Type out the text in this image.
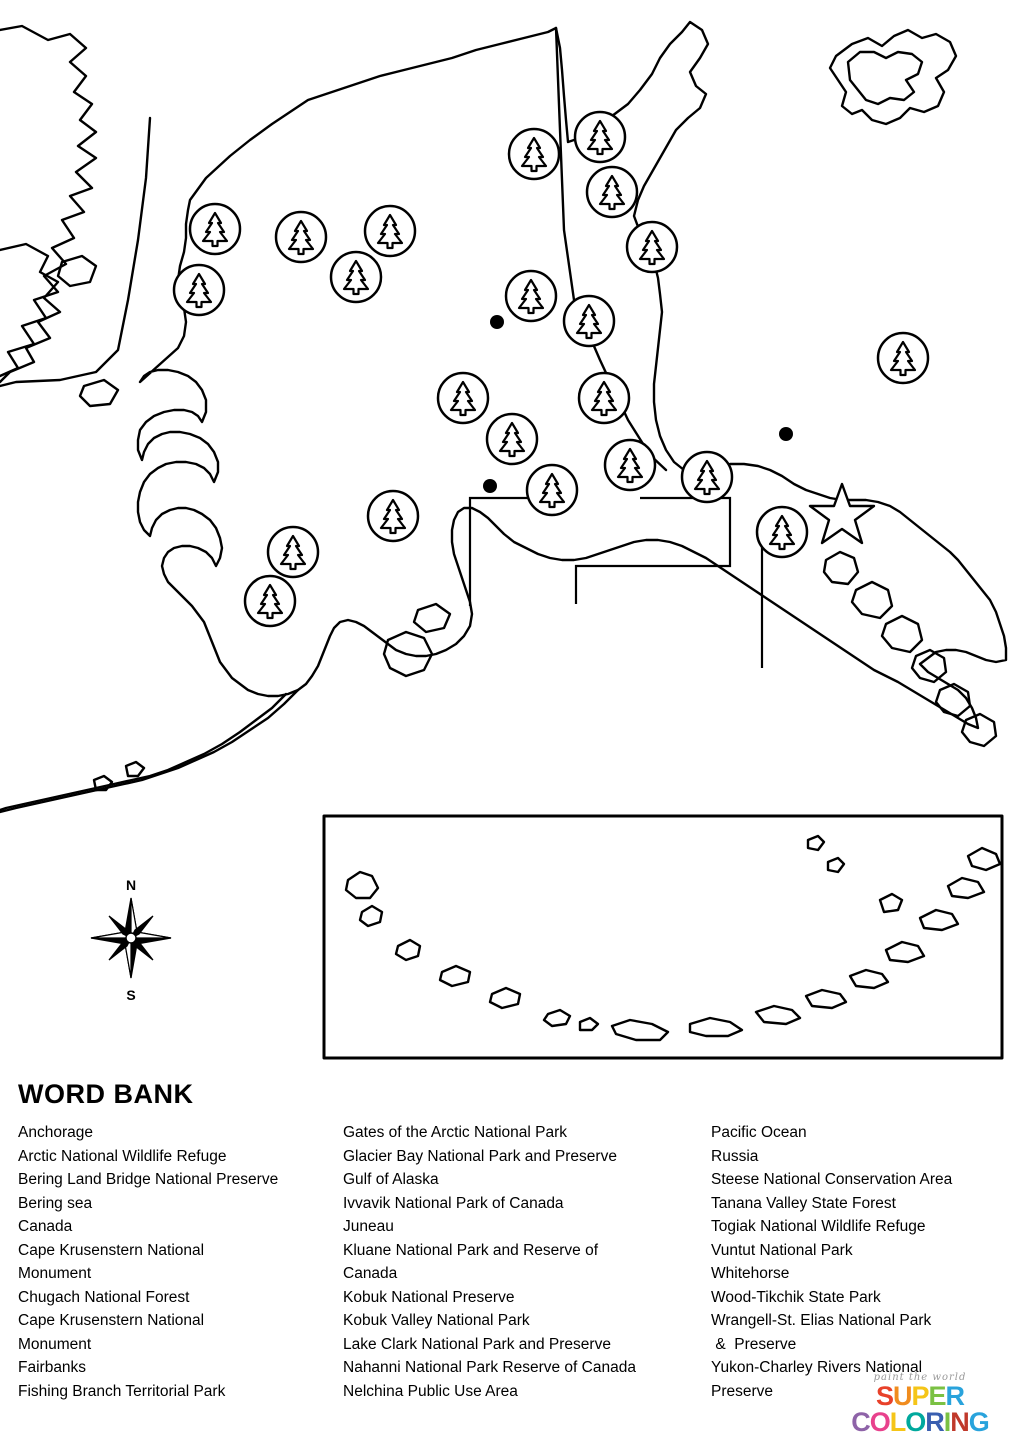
N
S
WORD BANK
Anchorage
Arctic National Wildlife Refuge
Bering Land Bridge National Preserve
Bering sea
Canada
Cape Krusenstern National
Monument
Chugach National Forest
Cape Krusenstern National
Monument
Fairbanks
Fishing Branch Territorial Park
Gates of the Arctic National Park
Glacier Bay National Park and Preserve
Gulf of Alaska
Ivvavik National Park of Canada
Juneau
Kluane National Park and Reserve of
Canada
Kobuk National Preserve
Kobuk Valley National Park
Lake Clark National Park and Preserve
Nahanni National Park Reserve of Canada
Nelchina Public Use Area
Pacific Ocean
Russia
Steese National Conservation Area
Tanana Valley State Forest
Togiak National Wildlife Refuge
Vuntut National Park
Whitehorse
Wood-Tikchik State Park
Wrangell-St. Elias National Park
&  Preserve
Yukon-Charley Rivers National
Preserve
paint the world
SUPER
COLORING
